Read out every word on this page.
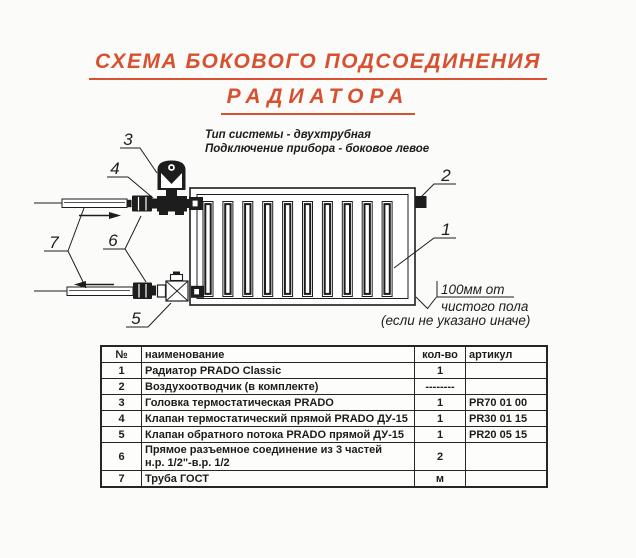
СХЕМА БОКОВОГО ПОДСОЕДИНЕНИЯ
РАДИАТОРА
Тип системы - двухтрубная
Подключение прибора - боковое левое
3
4
7	6
5
2
1
100мм от
чистого пола
(если не указано иначе)
№	наименование	кол-во	артикул
1	Радиатор PRADO Classic	1	
2	Воздухоотводчик (в комплекте)	--------	
3	Головка термостатическая PRADO	1	PR70 01 00
4	Клапан термостатический прямой PRADO ДУ-15	1	PR30 01 15
5	Клапан обратного потока PRADO прямой ДУ-15	1	PR20 05 15
6	Прямое разъемное соединение из 3 частей
н.р. 1/2"-в.р. 1/2	2	
7	Труба ГОСТ	м	
